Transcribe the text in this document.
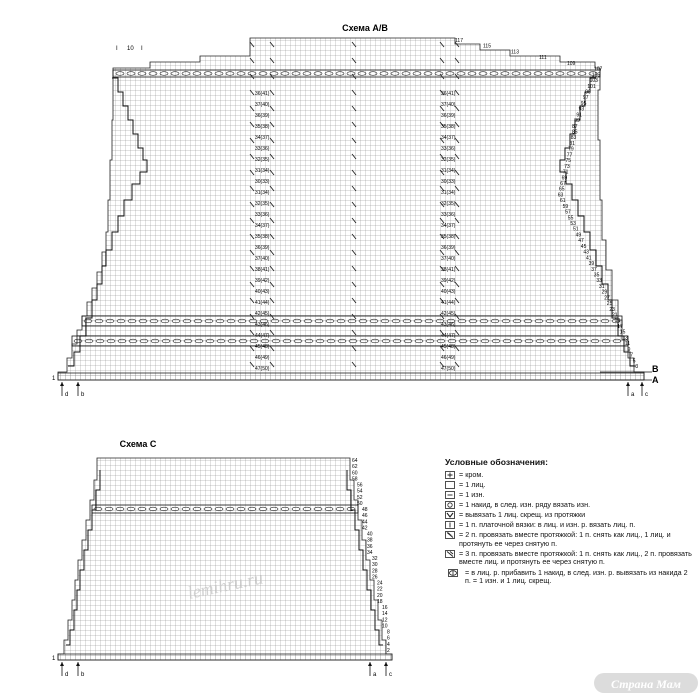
Схема А/В
I 10 I
1
B
A
117
115
113
111
109
107
105
103
101
99
97
95
93
91
89
87
85
83
81
79
77
75
73
71
69
67
65
63
61
59
57
55
53
51
49
47
45
43
41
39
37
35
33
31
29
27
25
23
21
19
17
15
13
11
9
7
5
3
36(41)
37(40)
36(39)
35(38)
34(37)
33(36)
32(35)
31(34)
30(33)
31(34)
32(35)
33(36)
34(37)
35(38)
36(39)
37(40)
38(41)
39(42)
40(43)
41(44)
42(45)
43(46)
44(47)
45(48)
46(49)
47(50)
36(41)
37(40)
36(39)
35(38)
34(37)
33(36)
32(35)
31(34)
30(33)
31(34)
32(35)
33(36)
34(37)
35(38)
36(39)
37(40)
38(41)
39(42)
40(43)
41(44)
42(45)
43(46)
44(47)
45(48)
46(49)
47(50)
d b	a c
Схема С
1
64
62
60
58
56
54
52
50
48
46
44
42
40
38
36
34
32
30
28
26
24
22
20
18
16
14
12
10
8
6
4
2
d b	a c
lemihru.ru
Страна Мам
Условные обозначения:
= кром.
= 1 лиц.
= 1 изн.
= 1 накид, в след. изн. ряду вязать изн.
= вывязать 1 лиц. скрещ. из протяжки
= 1 п. платочной вязки: в лиц. и изн. р. вязать лиц. п.
= 2 п. провязать вместе протяжкой: 1 п. снять как лиц., 1 лиц. и протянуть ее через снятую п.
= 3 п. провязать вместе протяжкой: 1 п. снять как лиц., 2 п. провязать вместе лиц. и протянуть ее через снятую п.
= в лиц. р. прибавить 1 накид, в след. изн. р. вывязать из накида 2 п. = 1 изн. и 1 лиц. скрещ.
